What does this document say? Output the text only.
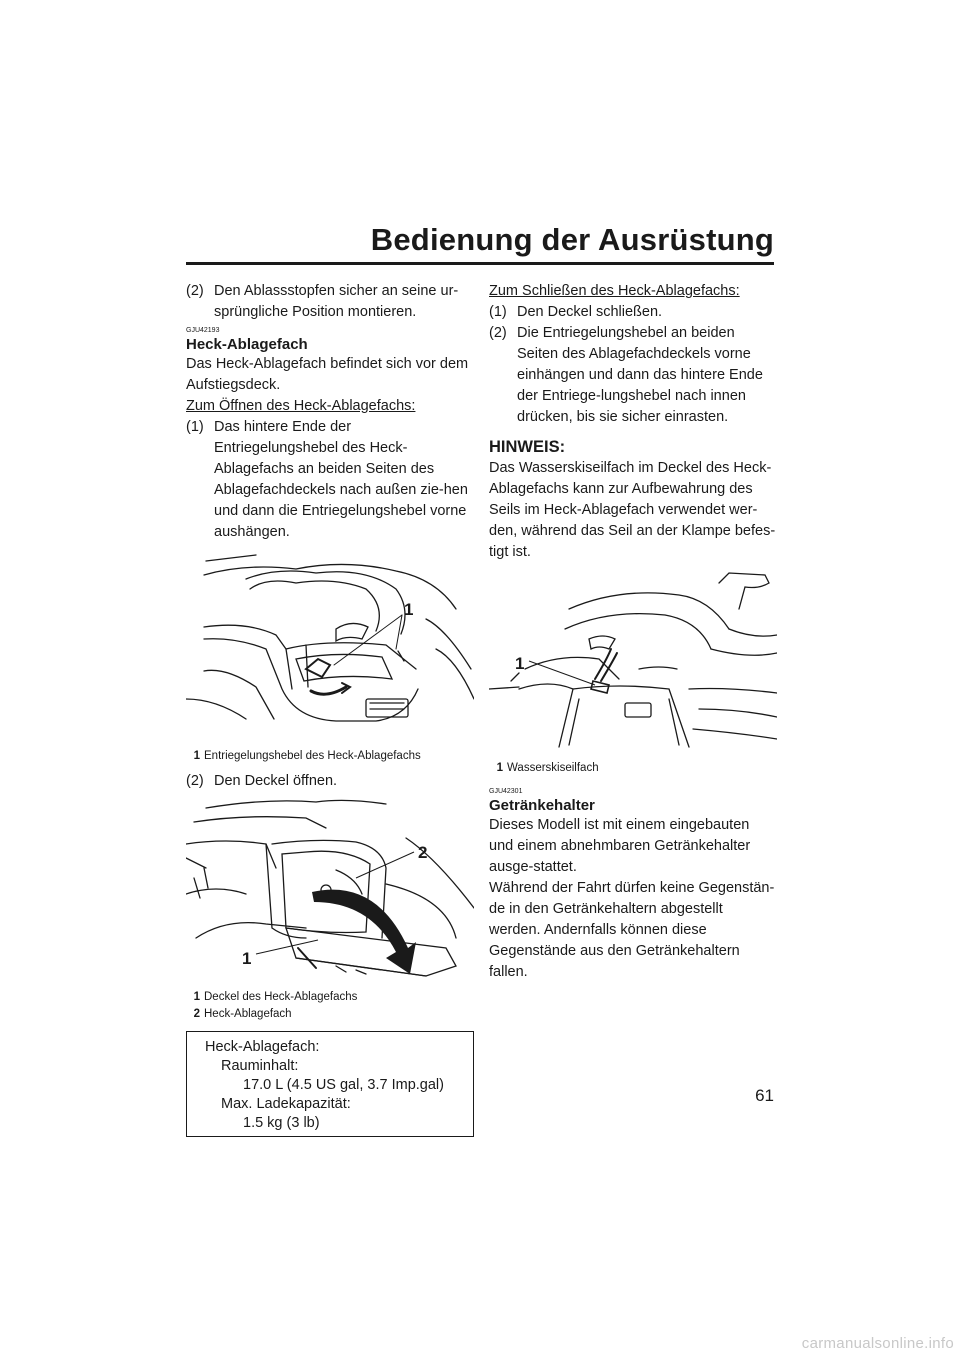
Bedienung der Ausrüstung
(2) Den Ablassstopfen sicher an seine ur-sprüngliche Position montieren.

GJU42193

Heck-Ablagefach

Das Heck-Ablagefach befindet sich vor dem Aufstiegsdeck.

Zum Öffnen des Heck-Ablagefachs:

(1) Das hintere Ende der Entriegelungshebel des Heck-Ablagefachs an beiden Seiten des Ablagefachdeckels nach außen zie-hen und dann die Entriegelungshebel vorne aushängen.
1
1 Entriegelungshebel des Heck-Ablagefachs
(2) Den Deckel öffnen.
2
1
1 Deckel des Heck-Ablagefachs
2 Heck-Ablagefach
Heck-Ablagefach:
Rauminhalt:
17.0 L (4.5 US gal, 3.7 Imp.gal)
Max. Ladekapazität:
1.5 kg (3 lb)

Zum Schließen des Heck-Ablagefachs:

(1) Den Deckel schließen.
(2) Die Entriegelungshebel an beiden Seiten des Ablagefachdeckels vorne einhängen und dann das hintere Ende der Entriege-lungshebel nach innen drücken, bis sie sicher einrasten.

HINWEIS:

Das Wasserskiseilfach im Deckel des Heck-Ablagefachs kann zur Aufbewahrung des Seils im Heck-Ablagefach verwendet wer-den, während das Seil an der Klampe befes-tigt ist.

1
1 Wasserskiseilfach

GJU42301

Getränkehalter

Dieses Modell ist mit einem eingebauten und einem abnehmbaren Getränkehalter ausge-stattet.

Während der Fahrt dürfen keine Gegenstän-de in den Getränkehaltern abgestellt werden. Andernfalls können diese Gegenstände aus den Getränkehaltern fallen.

61
carmanualsonline.info
